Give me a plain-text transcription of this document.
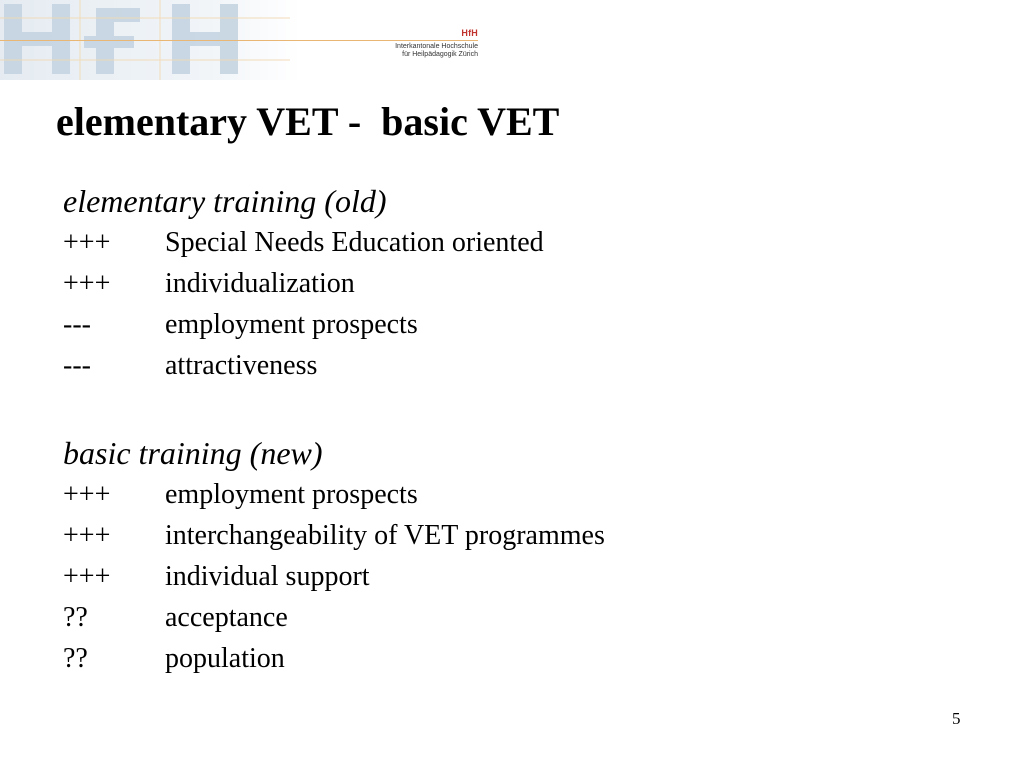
HfH
Interkantonale Hochschule
für Heilpädagogik Zürich
elementary VET -  basic VET
elementary training (old)
+++ Special Needs Education oriented
+++ individualization
---	employment prospects
---	attractiveness
basic training (new)
+++ employment prospects
+++ interchangeability of VET programmes
+++ individual support
??	acceptance
??	population
5
